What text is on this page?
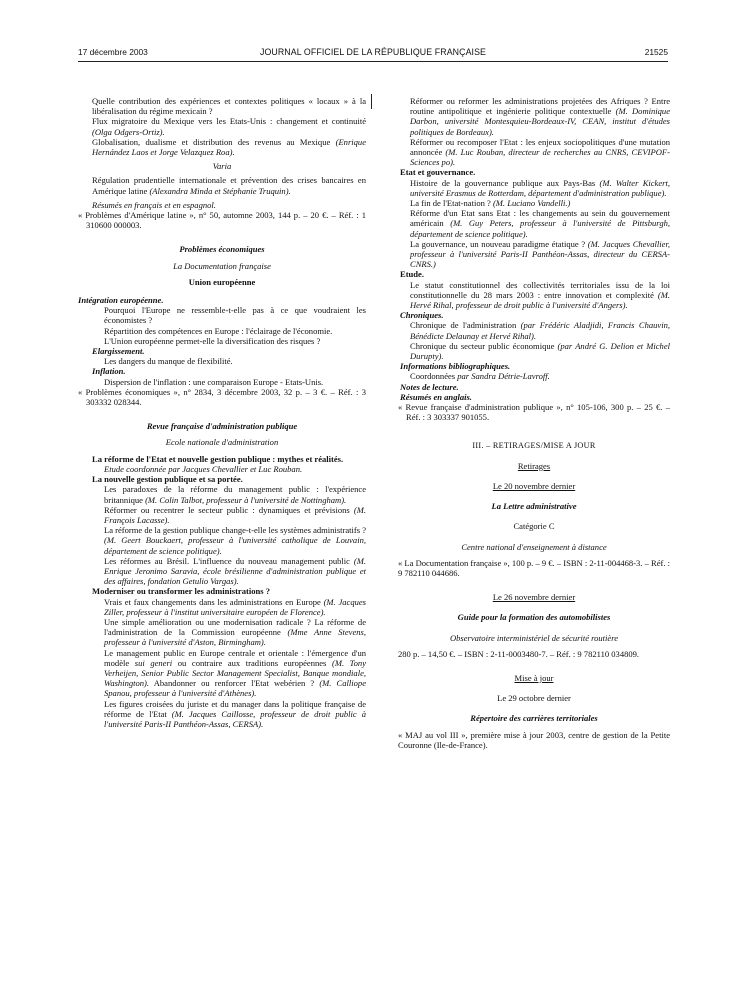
17 décembre 2003	JOURNAL OFFICIEL DE LA RÉPUBLIQUE FRANÇAISE	21525

Quelle contribution des expériences et contextes politiques « locaux » à la libéralisation du régime mexicain ?

Flux migratoire du Mexique vers les Etats-Unis : changement et continuité (Olga Odgers-Ortiz).

Globalisation, dualisme et distribution des revenus au Mexique (Enrique Hernández Laos et Jorge Velazquez Roa).

Varia

Régulation prudentielle internationale et prévention des crises bancaires en Amérique latine (Alexandra Minda et Stéphanie Truquin).

Résumés en français et en espagnol.

« Problèmes d'Amérique latine », n° 50, automne 2003, 144 p. – 20 €. – Réf. : 1 310600 000003.

Problèmes économiques

La Documentation française

Union européenne

Intégration européenne.

Pourquoi l'Europe ne ressemble-t-elle pas à ce que voudraient les économistes ?

Répartition des compétences en Europe : l'éclairage de l'économie.

L'Union européenne permet-elle la diversification des risques ?

Elargissement.

Les dangers du manque de flexibilité.

Inflation.

Dispersion de l'inflation : une comparaison Europe - Etats-Unis.

« Problèmes économiques », n° 2834, 3 décembre 2003, 32 p. – 3 €. – Réf. : 3 303332 028344.

Revue française d'administration publique

Ecole nationale d'administration

La réforme de l'Etat et nouvelle gestion publique : mythes et réalités.

Etude coordonnée par Jacques Chevallier et Luc Rouban.

La nouvelle gestion publique et sa portée.

Les paradoxes de la réforme du management public : l'expérience britannique (M. Colin Talbot, professeur à l'université de Nottingham).

Réformer ou recentrer le secteur public : dynamiques et prévisions (M. François Lacasse).

La réforme de la gestion publique change-t-elle les systèmes administratifs ? (M. Geert Bouckaert, professeur à l'université catholique de Louvain, département de science politique).

Les réformes au Brésil. L'influence du nouveau management public (M. Enrique Jeronimo Saravia, école brésilienne d'administration publique et des affaires, fondation Getulio Vargas).

Moderniser ou transformer les administrations ?

Vrais et faux changements dans les administrations en Europe (M. Jacques Ziller, professeur à l'institut universitaire européen de Florence).

Une simple amélioration ou une modernisation radicale ? La réforme de l'administration de la Commission européenne (Mme Anne Stevens, professeur à l'université d'Aston, Birmingham).

Le management public en Europe centrale et orientale : l'émergence d'un modèle sui generi ou contraire aux traditions européennes (M. Tony Verheijen, Senior Public Sector Management Specialist, Banque mondiale, Washington). Abandonner ou renforcer l'Etat webérien ? (M. Calliope Spanou, professeur à l'université d'Athènes).

Les figures croisées du juriste et du manager dans la politique française de réforme de l'Etat (M. Jacques Caillosse, professeur de droit public à l'université Paris-II Panthéon-Assas, CERSA).

Réformer ou reformer les administrations projetées des Afriques ? Entre routine antipolitique et ingénierie politique contextuelle (M. Dominique Darbon, université Montesquieu-Bordeaux-IV, CEAN, institut d'études politiques de Bordeaux).

Réformer ou recomposer l'Etat : les enjeux sociopolitiques d'une mutation annoncée (M. Luc Rouban, directeur de recherches au CNRS, CEVIPOF-Sciences po).

Etat et gouvernance.

Histoire de la gouvernance publique aux Pays-Bas (M. Walter Kickert, université Erasmus de Rotterdam, département d'administration publique).

La fin de l'Etat-nation ? (M. Luciano Vandelli.)

Réforme d'un Etat sans Etat : les changements au sein du gouvernement américain (M. Guy Peters, professeur à l'université de Pittsburgh, département de science politique).

La gouvernance, un nouveau paradigme étatique ? (M. Jacques Chevallier, professeur à l'université Paris-II Panthéon-Assas, directeur du CERSA-CNRS.)

Etude.

Le statut constitutionnel des collectivités territoriales issu de la loi constitutionnelle du 28 mars 2003 : entre innovation et complexité (M. Hervé Rihal, professeur de droit public à l'université d'Angers).

Chroniques.

Chronique de l'administration (par Frédéric Aladjidi, Francis Chauvin, Bénédicte Delaunay et Hervé Rihal).

Chronique du secteur public économique (par André G. Delion et Michel Durupty).

Informations bibliographiques.

Coordonnées par Sandra Détrie-Lavroff.

Notes de lecture.

Résumés en anglais.

« Revue française d'administration publique », n° 105-106, 300 p. – 25 €. – Réf. : 3 303337 901055.

III. – RETIRAGES/MISE A JOUR

Retirages

Le 20 novembre dernier

La Lettre administrative

Catégorie C

Centre national d'enseignement à distance

« La Documentation française », 100 p. – 9 €. – ISBN : 2-11-004468-3. – Réf. : 9 782110 044686.

Le 26 novembre dernier

Guide pour la formation des automobilistes

Observatoire interministériel de sécurité routière

280 p. – 14,50 €. – ISBN : 2-11-0003480-7. – Réf. : 9 782110 034809.

Mise à jour

Le 29 octobre dernier

Répertoire des carrières territoriales

« MAJ au vol III », première mise à jour 2003, centre de gestion de la Petite Couronne (Ile-de-France).
